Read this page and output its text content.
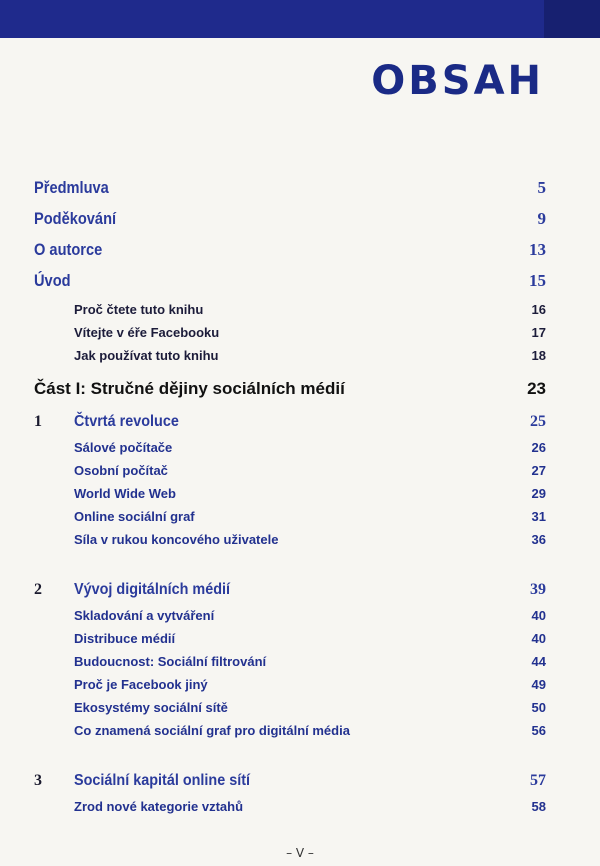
OBSAH
Předmluva	5
Poděkování	9
O autorce	13
Úvod	15
Proč čtete tuto knihu	16
Vítejte v éře Facebooku	17
Jak používat tuto knihu	18
Část I: Stručné dějiny sociálních médií	23
1 Čtvrtá revoluce	25
Sálové počítače	26
Osobní počítač	27
World Wide Web	29
Online sociální graf	31
Síla v rukou koncového uživatele	36
2 Vývoj digitálních médií	39
Skladování a vytváření	40
Distribuce médií	40
Budoucnost: Sociální filtrování	44
Proč je Facebook jiný	49
Ekosystémy sociální sítě	50
Co znamená sociální graf pro digitální média	56
3 Sociální kapitál online sítí	57
Zrod nové kategorie vztahů	58
– V –
